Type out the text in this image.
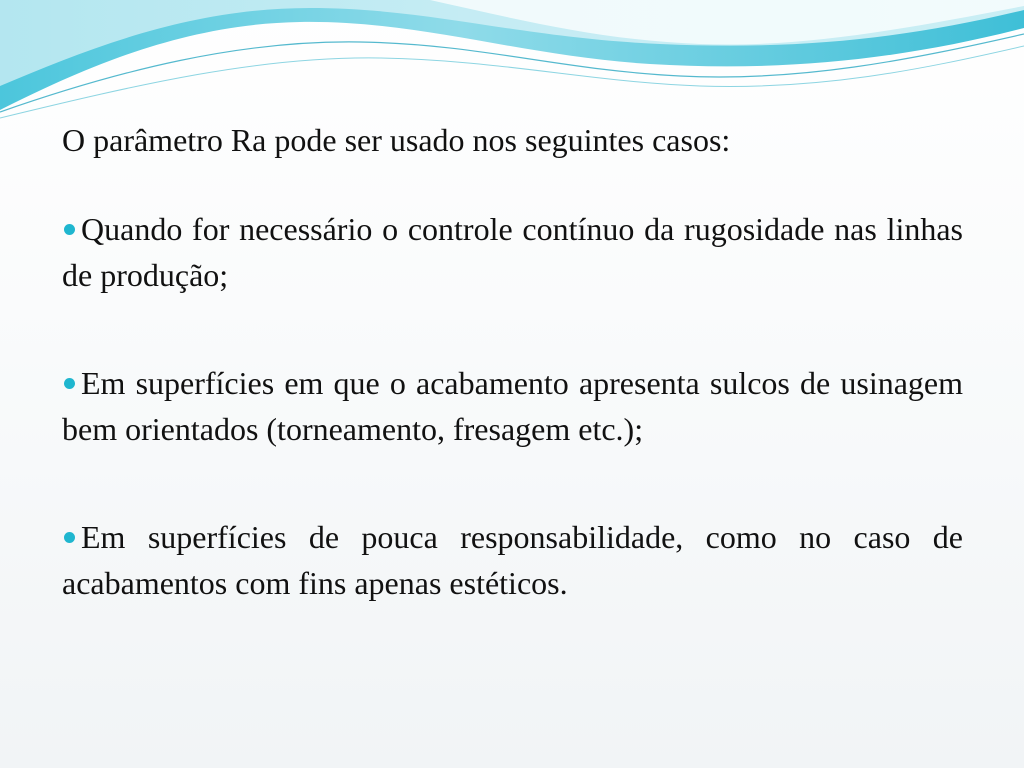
O parâmetro Ra pode ser usado nos seguintes casos:

Quando for necessário o controle contínuo da rugosidade nas linhas de produção;
Em superfícies em que o acabamento apresenta sulcos de usinagem bem orientados (torneamento, fresagem etc.);
Em superfícies de pouca responsabilidade, como no caso de acabamentos com fins apenas estéticos.
